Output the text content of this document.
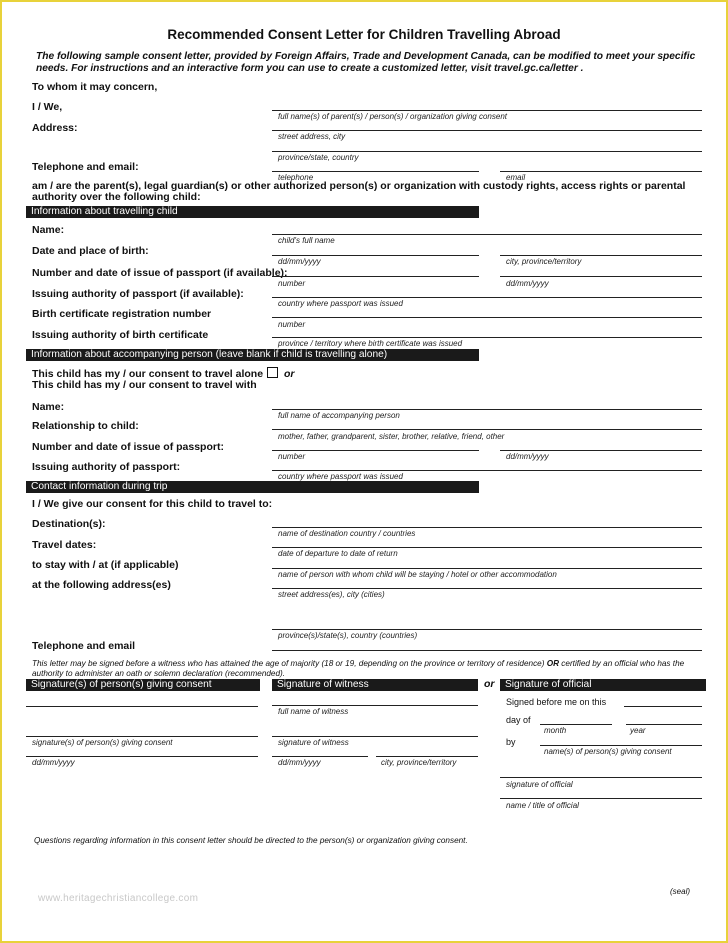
Recommended Consent Letter for Children Travelling Abroad
The following sample consent letter, provided by Foreign Affairs, Trade and Development Canada, can be modified to meet your specific needs. For instructions and an interactive form you can use to create a customized letter, visit travel.gc.ca/letter .
To whom it may concern,
I / We,
full name(s) of parent(s) / person(s) / organization giving consent
Address:
street address, city
province/state, country
Telephone and email:
telephone	email
am / are the parent(s), legal guardian(s) or other authorized person(s) or organization with custody rights, access rights or parental authority over the following child:
Information about travelling child
Name:
child's full name
Date and place of birth:
dd/mm/yyyy	city, province/territory
Number and date of issue of passport (if available):
number	dd/mm/yyyy
Issuing authority of passport (if available):
country where passport was issued
Birth certificate registration number
number
Issuing authority of birth certificate
province / territory where birth certificate was issued
Information about accompanying person (leave blank if child is travelling alone)
This child has my / our consent to travel alone or
This child has my / our consent to travel with
Name:
full name of accompanying person
Relationship to child:
mother, father, grandparent, sister, brother, relative, friend, other
Number and date of issue of passport:
number	dd/mm/yyyy
Issuing authority of passport:
country where passport was issued
Contact information during trip
I / We give our consent for this child to travel to:
Destination(s):
name of destination country / countries
Travel dates:
date of departure to date of return
to stay with / at (if applicable)
name of person with whom child will be staying / hotel or other accommodation
at the following address(es)
street address(es), city (cities)
province(s)/state(s), country (countries)
Telephone and email
This letter may be signed before a witness who has attained the age of majority (18 or 19, depending on the province or territory of residence) OR certified by an official who has the authority to administer an oath or solemn declaration (recommended).
Signature(s) of person(s) giving consent	Signature of witness	or	Signature of official
signature(s) of person(s) giving consent
dd/mm/yyyy
full name of witness
signature of witness
dd/mm/yyyy	city, province/territory
Signed before me on this
day of
month	year
by
name(s) of person(s) giving consent
signature of official
name / title of official
Questions regarding information in this consent letter should be directed to the person(s) or organization giving consent.
www.heritagechristiancollege.com
(seal)
